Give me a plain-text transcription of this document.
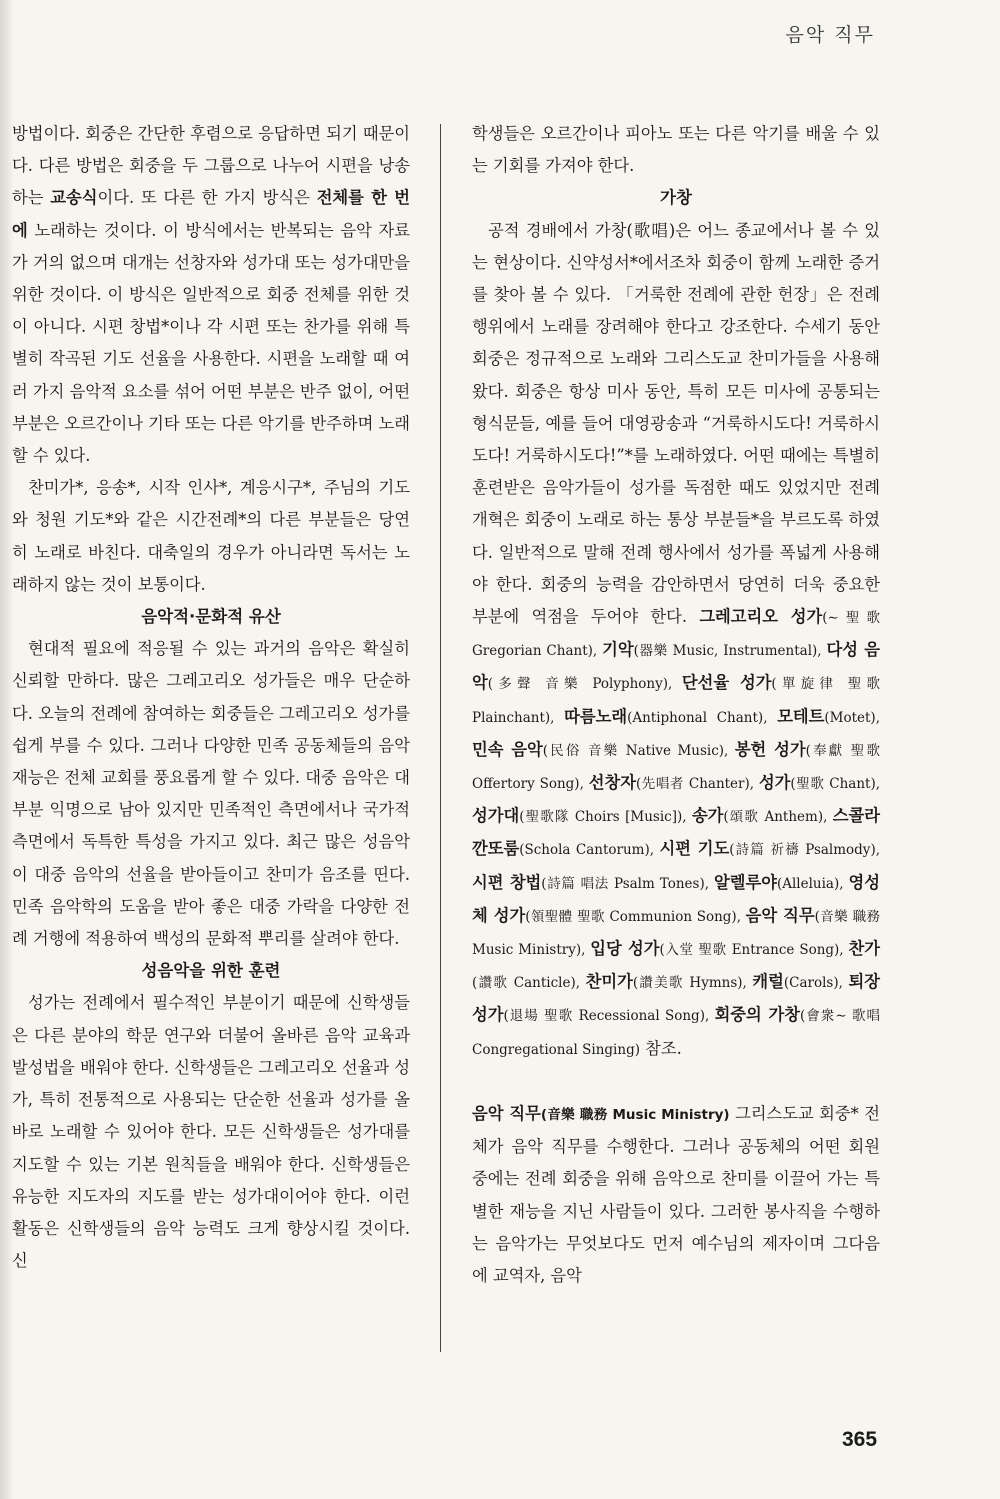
음악 직무

방법이다. 회중은 간단한 후렴으로 응답하면 되기 때문이다. 다른 방법은 회중을 두 그룹으로 나누어 시편을 낭송하는 교송식이다. 또 다른 한 가지 방식은 전체를 한 번에 노래하는 것이다. 이 방식에서는 반복되는 음악 자료가 거의 없으며 대개는 선창자와 성가대 또는 성가대만을 위한 것이다. 이 방식은 일반적으로 회중 전체를 위한 것이 아니다. 시편 창법*이나 각 시편 또는 찬가를 위해 특별히 작곡된 기도 선율을 사용한다. 시편을 노래할 때 여러 가지 음악적 요소를 섞어 어떤 부분은 반주 없이, 어떤 부분은 오르간이나 기타 또는 다른 악기를 반주하며 노래할 수 있다.

찬미가*, 응송*, 시작 인사*, 계응시구*, 주님의 기도와 청원 기도*와 같은 시간전례*의 다른 부분들은 당연히 노래로 바친다. 대축일의 경우가 아니라면 독서는 노래하지 않는 것이 보통이다.

음악적·문화적 유산

현대적 필요에 적응될 수 있는 과거의 음악은 확실히 신뢰할 만하다. 많은 그레고리오 성가들은 매우 단순하다. 오늘의 전례에 참여하는 회중들은 그레고리오 성가를 쉽게 부를 수 있다. 그러나 다양한 민족 공동체들의 음악 재능은 전체 교회를 풍요롭게 할 수 있다. 대중 음악은 대부분 익명으로 남아 있지만 민족적인 측면에서나 국가적 측면에서 독특한 특성을 가지고 있다. 최근 많은 성음악이 대중 음악의 선율을 받아들이고 찬미가 음조를 띤다. 민족 음악학의 도움을 받아 좋은 대중 가락을 다양한 전례 거행에 적용하여 백성의 문화적 뿌리를 살려야 한다.

성음악을 위한 훈련

성가는 전례에서 필수적인 부분이기 때문에 신학생들은 다른 분야의 학문 연구와 더불어 올바른 음악 교육과 발성법을 배워야 한다. 신학생들은 그레고리오 선율과 성가, 특히 전통적으로 사용되는 단순한 선율과 성가를 올바로 노래할 수 있어야 한다. 모든 신학생들은 성가대를 지도할 수 있는 기본 원칙들을 배워야 한다. 신학생들은 유능한 지도자의 지도를 받는 성가대이어야 한다. 이런 활동은 신학생들의 음악 능력도 크게 향상시킬 것이다. 신

학생들은 오르간이나 피아노 또는 다른 악기를 배울 수 있는 기회를 가져야 한다.

가창

공적 경배에서 가창(歌唱)은 어느 종교에서나 볼 수 있는 현상이다. 신약성서*에서조차 회중이 함께 노래한 증거를 찾아 볼 수 있다. 「거룩한 전례에 관한 헌장」은 전례 행위에서 노래를 장려해야 한다고 강조한다. 수세기 동안 회중은 정규적으로 노래와 그리스도교 찬미가들을 사용해 왔다. 회중은 항상 미사 동안, 특히 모든 미사에 공통되는 형식문들, 예를 들어 대영광송과 “거룩하시도다! 거룩하시도다! 거룩하시도다!”*를 노래하였다. 어떤 때에는 특별히 훈련받은 음악가들이 성가를 독점한 때도 있었지만 전례 개혁은 회중이 노래로 하는 통상 부분들*을 부르도록 하였다. 일반적으로 말해 전례 행사에서 성가를 폭넓게 사용해야 한다. 회중의 능력을 감안하면서 당연히 더욱 중요한 부분에 역점을 두어야 한다. 그레고리오 성가(∼聖歌 Gregorian Chant), 기악(器樂 Music, Instrumental), 다성 음악(多聲 音樂 Polyphony), 단선율 성가(單旋律 聖歌 Plainchant), 따름노래(Antiphonal Chant), 모테트(Motet), 민속 음악(民俗 音樂 Native Music), 봉헌 성가(奉獻 聖歌 Offertory Song), 선창자(先唱者 Chanter), 성가(聖歌 Chant), 성가대(聖歌隊 Choirs [Music]), 송가(頌歌 Anthem), 스콜라 깐또룸(Schola Cantorum), 시편 기도(詩篇 祈禱 Psalmody), 시편 창법(詩篇 唱法 Psalm Tones), 알렐루야(Alleluia), 영성체 성가(領聖體 聖歌 Communion Song), 음악 직무(音樂 職務 Music Ministry), 입당 성가(入堂 聖歌 Entrance Song), 찬가(讚歌 Canticle), 찬미가(讚美歌 Hymns), 캐럴(Carols), 퇴장 성가(退場 聖歌 Recessional Song), 회중의 가창(會衆∼ 歌唱 Congregational Singing) 참조.

음악 직무(音樂 職務 Music Ministry) 그리스도교 회중* 전체가 음악 직무를 수행한다. 그러나 공동체의 어떤 회원 중에는 전례 회중을 위해 음악으로 찬미를 이끌어 가는 특별한 재능을 지닌 사람들이 있다. 그러한 봉사직을 수행하는 음악가는 무엇보다도 먼저 예수님의 제자이며 그다음에 교역자, 음악

365
